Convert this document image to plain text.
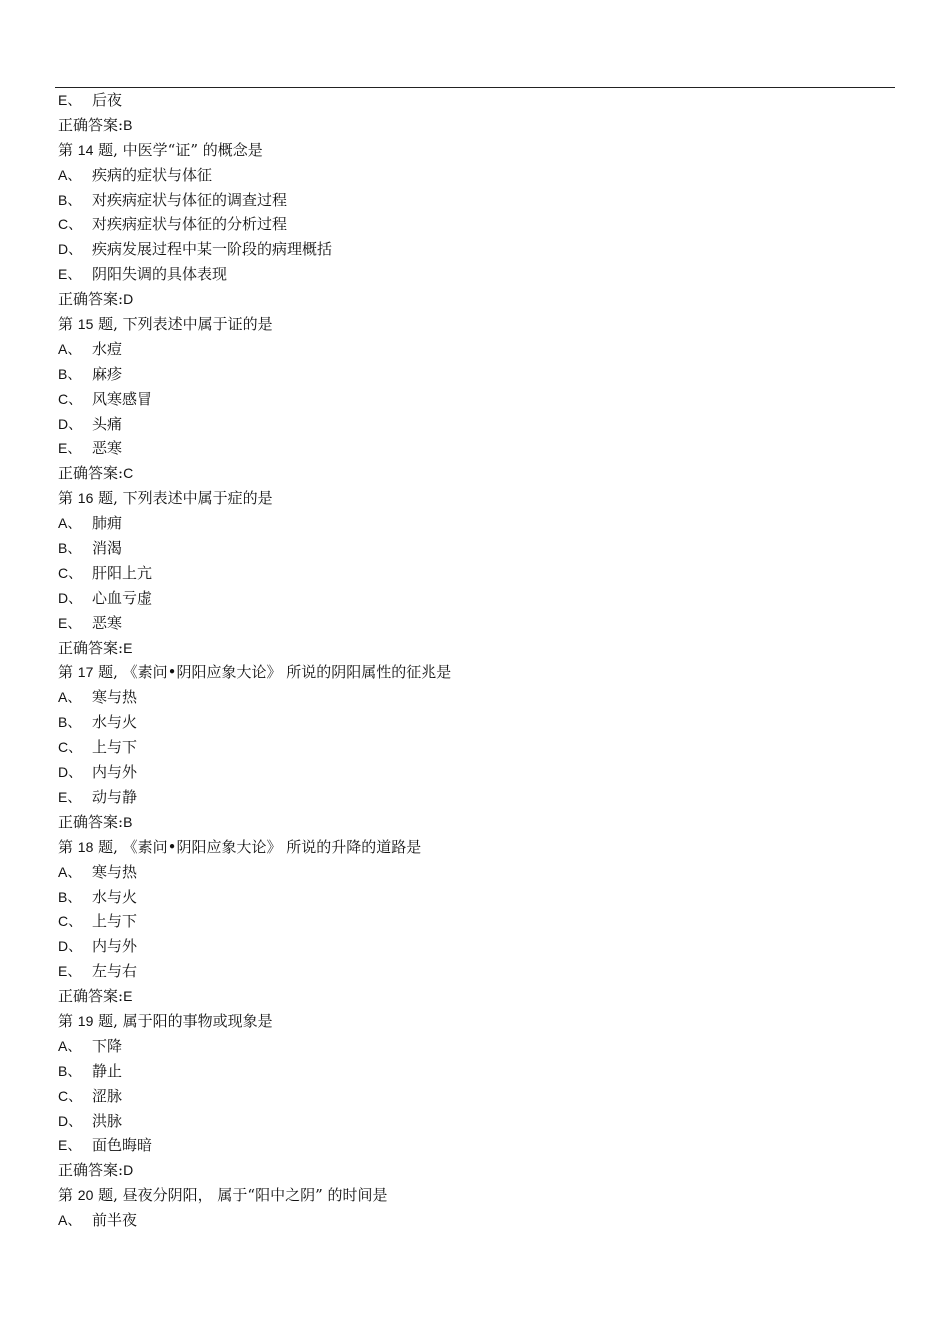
E、 后夜
正确答案:B
第 14 题, 中医学“证” 的概念是
A、 疾病的症状与体征
B、 对疾病症状与体征的调查过程
C、 对疾病症状与体征的分析过程
D、 疾病发展过程中某一阶段的病理概括
E、 阴阳失调的具体表现
正确答案:D
第 15 题, 下列表述中属于证的是
A、 水痘
B、 麻疹
C、 风寒感冒
D、 头痛
E、 恶寒
正确答案:C
第 16 题, 下列表述中属于症的是
A、 肺痈
B、 消渴
C、 肝阳上亢
D、 心血亏虚
E、 恶寒
正确答案:E
第 17 题, 《素问•阴阳应象大论》 所说的阴阳属性的征兆是
A、 寒与热
B、 水与火
C、 上与下
D、 内与外
E、 动与静
正确答案:B
第 18 题, 《素问•阴阳应象大论》 所说的升降的道路是
A、 寒与热
B、 水与火
C、 上与下
D、 内与外
E、 左与右
正确答案:E
第 19 题, 属于阳的事物或现象是
A、 下降
B、 静止
C、 涩脉
D、 洪脉
E、 面色晦暗
正确答案:D
第 20 题, 昼夜分阴阳， 属于“阳中之阴” 的时间是
A、 前半夜
